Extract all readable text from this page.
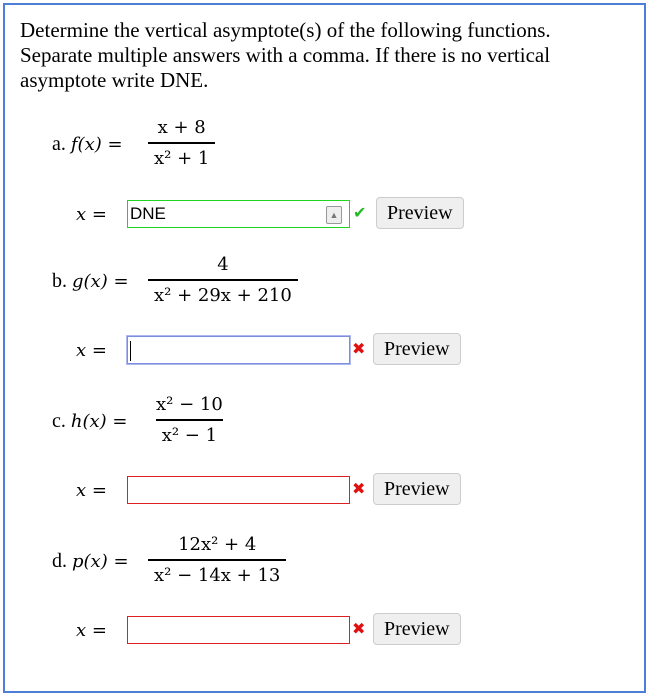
Determine the vertical asymptote(s) of the following functions. Separate multiple answers with a comma. If there is no vertical asymptote write DNE.
a. $f(x) = \frac{x + 8}{\text{x² + 1}}$
x = DNE	▲ ✔	Preview
b. $g(x) = \frac{4}{\text{x² + 29x + 210}}$
x =	✖ Preview
c. $h(x) = \frac{\text{x² − 10}}{\text{x² − 1}}$
x =	✖ Preview
d. $p(x) = \frac{\text{12x² + 4}}{\text{x² − 14x + 13}}$
x =	✖ Preview
